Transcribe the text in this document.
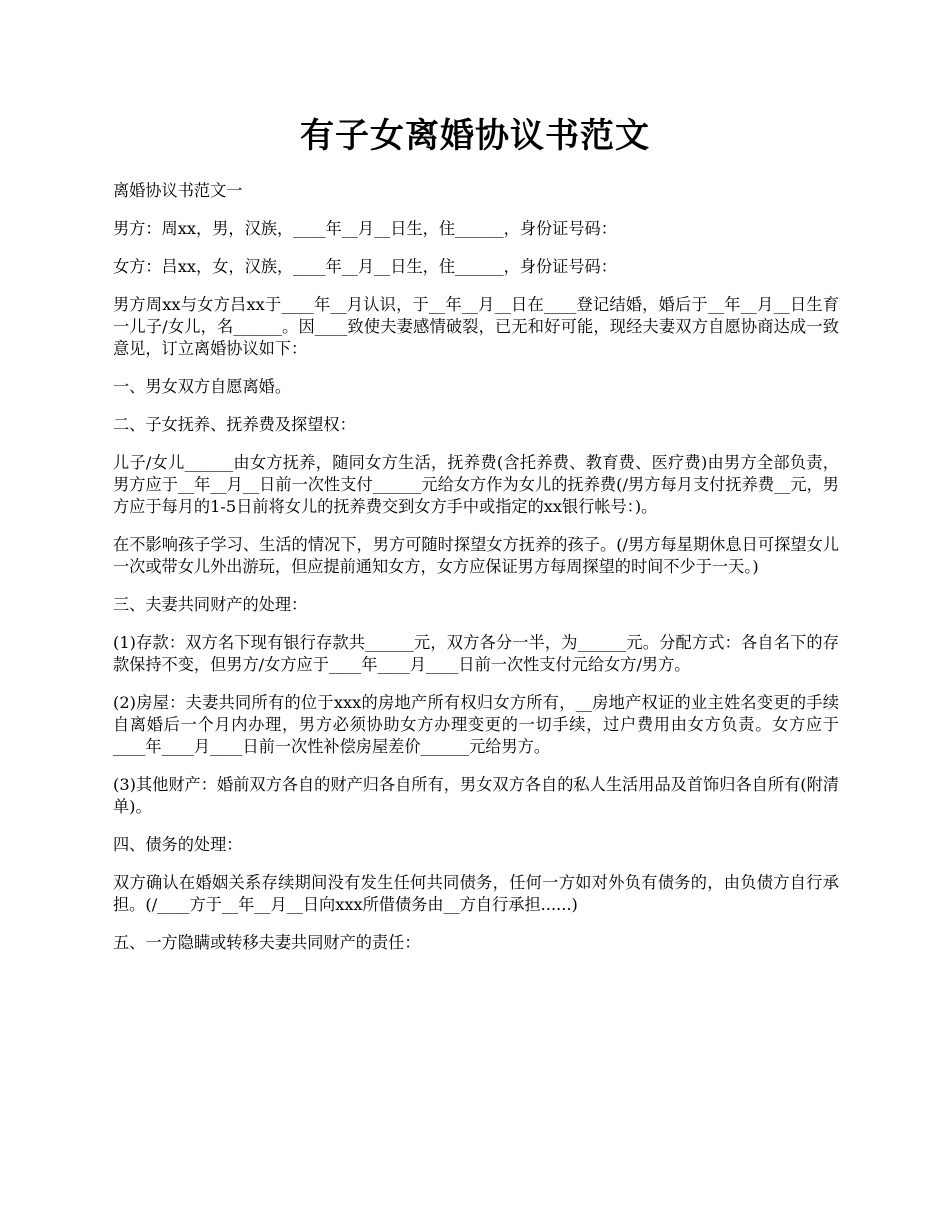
有子女离婚协议书范文

离婚协议书范文一

男方：周xx，男，汉族，____年__月__日生，住______，身份证号码：

女方：吕xx，女，汉族，____年__月__日生，住______，身份证号码：

男方周xx与女方吕xx于____年__月认识，于__年__月__日在____登记结婚，婚后于__年__月__日生育一儿子/女儿，名______。因____致使夫妻感情破裂，已无和好可能，现经夫妻双方自愿协商达成一致意见，订立离婚协议如下：

一、男女双方自愿离婚。

二、子女抚养、抚养费及探望权：

儿子/女儿______由女方抚养，随同女方生活，抚养费(含托养费、教育费、医疗费)由男方全部负责，男方应于__年__月__日前一次性支付______元给女方作为女儿的抚养费(/男方每月支付抚养费__元，男方应于每月的1-5日前将女儿的抚养费交到女方手中或指定的xx银行帐号：)。

在不影响孩子学习、生活的情况下，男方可随时探望女方抚养的孩子。(/男方每星期休息日可探望女儿一次或带女儿外出游玩，但应提前通知女方，女方应保证男方每周探望的时间不少于一天。)

三、夫妻共同财产的处理：

(1)存款：双方名下现有银行存款共______元，双方各分一半，为______元。分配方式：各自名下的存款保持不变，但男方/女方应于____年____月____日前一次性支付元给女方/男方。

(2)房屋：夫妻共同所有的位于xxx的房地产所有权归女方所有，__房地产权证的业主姓名变更的手续自离婚后一个月内办理，男方必须协助女方办理变更的一切手续，过户费用由女方负责。女方应于____年____月____日前一次性补偿房屋差价______元给男方。

(3)其他财产：婚前双方各自的财产归各自所有，男女双方各自的私人生活用品及首饰归各自所有(附清单)。

四、债务的处理：

双方确认在婚姻关系存续期间没有发生任何共同债务，任何一方如对外负有债务的，由负债方自行承担。(/____方于__年__月__日向xxx所借债务由__方自行承担......)

五、一方隐瞒或转移夫妻共同财产的责任：
